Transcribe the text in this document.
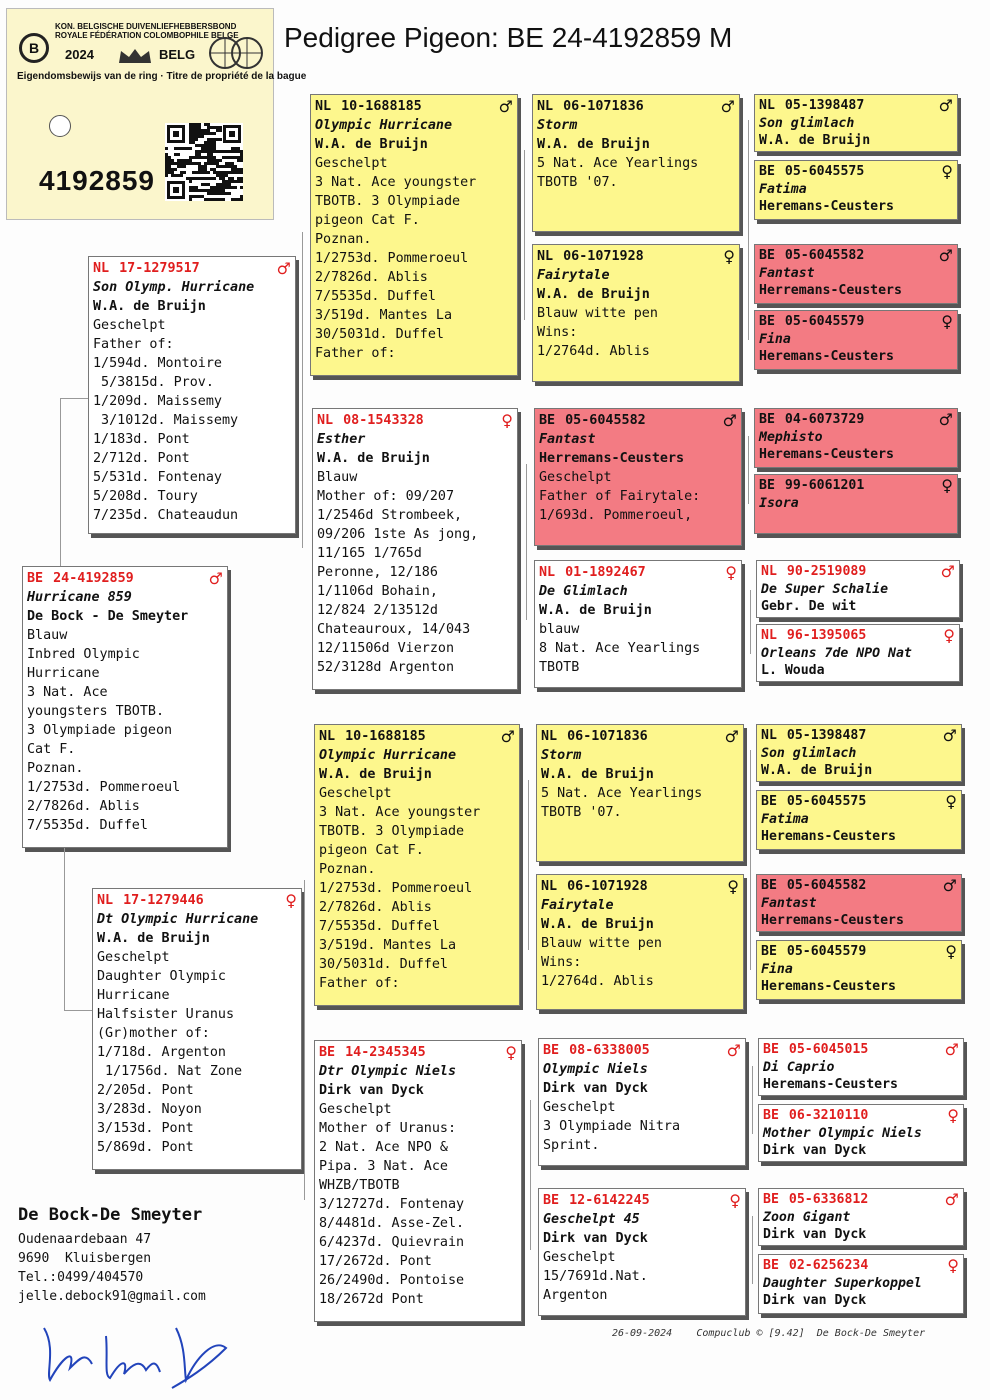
Pedigree Pigeon: BE 24-4192859 M
B
KON. BELGISCHE DUIVENLIEFHEBBERSBOND
ROYALE FÉDÉRATION COLOMBOPHILE BELGE
2024	BELG
Eigendomsbewijs van de ring · Titre de propriété de la bague
4192859
BE 24-4192859	♂
Hurricane 859
De Bock - De Smeyter
Blauw
Inbred Olympic
Hurricane
3 Nat. Ace
youngsters TBOTB.
3 Olympiade pigeon
Cat F.
Poznan.
1/2753d. Pommeroeul
2/7826d. Ablis
7/5535d. Duffel
NL 17-1279517	♂
Son Olymp. Hurricane
W.A. de Bruijn
Geschelpt
Father of:
1/594d. Montoire
5/3815d. Prov.
1/209d. Maissemy
3/1012d. Maissemy
1/183d. Pont
2/712d. Pont
5/531d. Fontenay
5/208d. Toury
7/235d. Chateaudun
NL 17-1279446	♀
Dt Olympic Hurricane
W.A. de Bruijn
Geschelpt
Daughter Olympic
Hurricane
Halfsister Uranus
(Gr)mother of:
1/718d. Argenton
1/1756d. Nat Zone
2/205d. Pont
3/283d. Noyon
3/153d. Pont
5/869d. Pont
NL 10-1688185	♂
Olympic Hurricane
W.A. de Bruijn
Geschelpt
3 Nat. Ace youngster
TBOTB. 3 Olympiade
pigeon Cat F.
Poznan.
1/2753d. Pommeroeul
2/7826d. Ablis
7/5535d. Duffel
3/519d. Mantes La
30/5031d. Duffel
Father of:
NL 08-1543328	♀
Esther
W.A. de Bruijn
Blauw
Mother of: 09/207
1/2546d Strombeek,
09/206 1ste As jong,
11/165 1/765d
Peronne, 12/186
1/1106d Bohain,
12/824 2/13512d
Chateauroux, 14/043
12/11506d Vierzon
52/3128d Argenton
NL 10-1688185	♂
Olympic Hurricane
W.A. de Bruijn
Geschelpt
3 Nat. Ace youngster
TBOTB. 3 Olympiade
pigeon Cat F.
Poznan.
1/2753d. Pommeroeul
2/7826d. Ablis
7/5535d. Duffel
3/519d. Mantes La
30/5031d. Duffel
Father of:
BE 14-2345345	♀
Dtr Olympic Niels
Dirk van Dyck
Geschelpt
Mother of Uranus:
2 Nat. Ace NPO &
Pipa. 3 Nat. Ace
WHZB/TBOTB
3/12727d. Fontenay
8/4481d. Asse-Zel.
6/4237d. Quievrain
17/2672d. Pont
26/2490d. Pontoise
18/2672d Pont
NL 06-1071836	♂
Storm
W.A. de Bruijn
5 Nat. Ace Yearlings
TBOTB '07.
NL 06-1071928	♀
Fairytale
W.A. de Bruijn
Blauw witte pen
Wins:
1/2764d. Ablis
BE 05-6045582	♂
Fantast
Herremans-Ceusters
Geschelpt
Father of Fairytale:
1/693d. Pommeroeul,
NL 01-1892467	♀
De Glimlach
W.A. de Bruijn
blauw
8 Nat. Ace Yearlings
TBOTB
NL 06-1071836	♂
Storm
W.A. de Bruijn
5 Nat. Ace Yearlings
TBOTB '07.
NL 06-1071928	♀
Fairytale
W.A. de Bruijn
Blauw witte pen
Wins:
1/2764d. Ablis
BE 08-6338005	♂
Olympic Niels
Dirk van Dyck
Geschelpt
3 Olympiade Nitra
Sprint.
BE 12-6142245	♀
Geschelpt 45
Dirk van Dyck
Geschelpt
15/7691d.Nat.
Argenton
NL 05-1398487	♂
Son glimlach
W.A. de Bruijn
BE 05-6045575	♀
Fatima
Heremans-Ceusters
BE 05-6045582	♂
Fantast
Herremans-Ceusters
BE 05-6045579	♀
Fina
Heremans-Ceusters
BE 04-6073729	♂
Mephisto
Heremans-Ceusters
BE 99-6061201	♀
Isora
NL 90-2519089	♂
De Super Schalie
Gebr. De wit
NL 96-1395065	♀
Orleans 7de NPO Nat
L. Wouda
NL 05-1398487	♂
Son glimlach
W.A. de Bruijn
BE 05-6045575	♀
Fatima
Heremans-Ceusters
BE 05-6045582	♂
Fantast
Herremans-Ceusters
BE 05-6045579	♀
Fina
Heremans-Ceusters
BE 05-6045015	♂
Di Caprio
Heremans-Ceusters
BE 06-3210110	♀
Mother Olympic Niels
Dirk van Dyck
BE 05-6336812	♂
Zoon Gigant
Dirk van Dyck
BE 02-6256234	♀
Daughter Superkoppel
Dirk van Dyck
De Bock-De Smeyter
Oudenaardebaan 47
9690  Kluisbergen
Tel.:0499/404570
jelle.debock91@gmail.com
26-09-2024 Compuclub © [9.42] De Bock-De Smeyter
